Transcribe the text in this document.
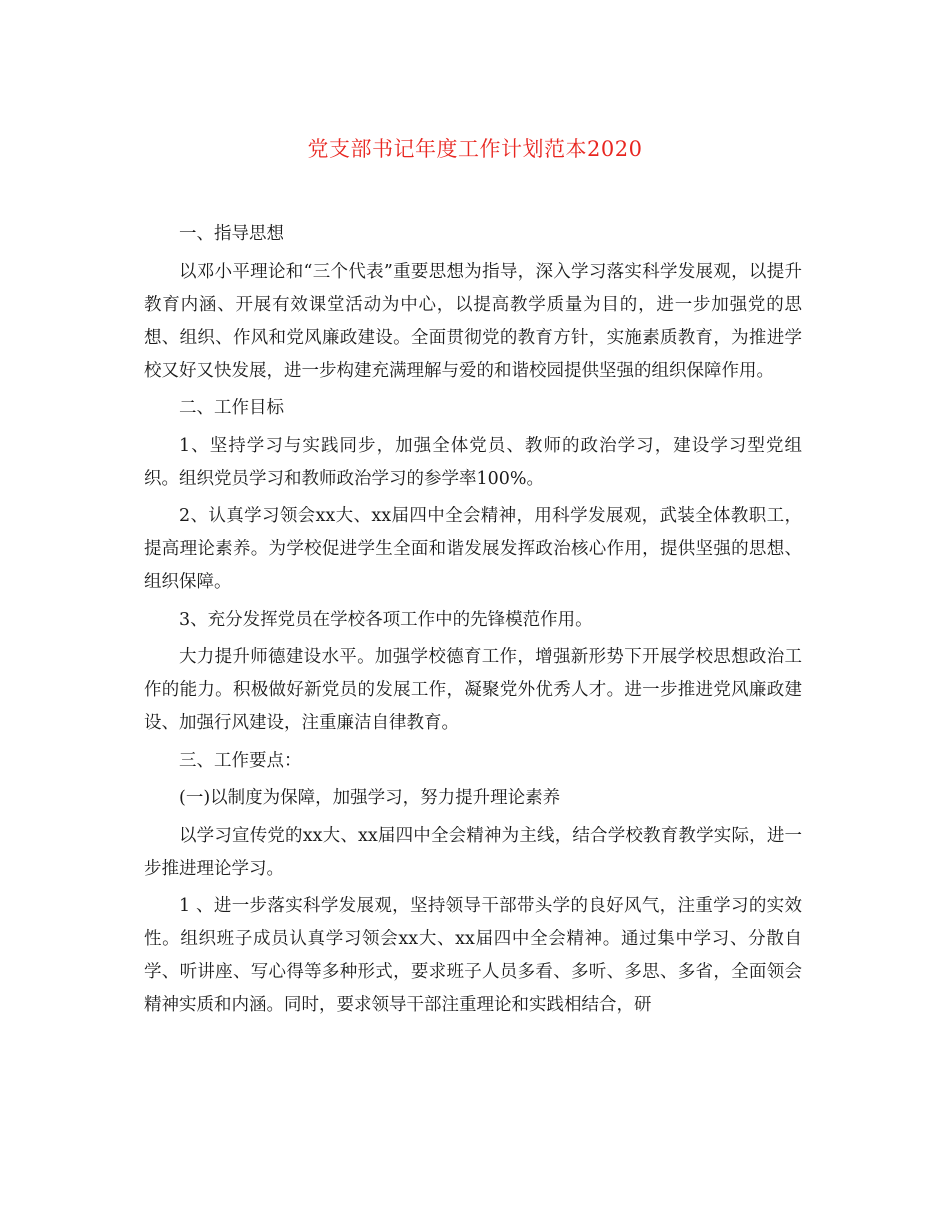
党支部书记年度工作计划范本2020

一、指导思想

以邓小平理论和“三个代表”重要思想为指导，深入学习落实科学发展观，以提升教育内涵、开展有效课堂活动为中心，以提高教学质量为目的，进一步加强党的思想、组织、作风和党风廉政建设。全面贯彻党的教育方针，实施素质教育，为推进学校又好又快发展，进一步构建充满理解与爱的和谐校园提供坚强的组织保障作用。

二、工作目标

1、坚持学习与实践同步，加强全体党员、教师的政治学习，建设学习型党组织。组织党员学习和教师政治学习的参学率100%。

2、认真学习领会xx大、xx届四中全会精神，用科学发展观，武装全体教职工，提高理论素养。为学校促进学生全面和谐发展发挥政治核心作用，提供坚强的思想、组织保障。

3、充分发挥党员在学校各项工作中的先锋模范作用。

大力提升师德建设水平。加强学校德育工作，增强新形势下开展学校思想政治工作的能力。积极做好新党员的发展工作，凝聚党外优秀人才。进一步推进党风廉政建设、加强行风建设，注重廉洁自律教育。

三、工作要点：

(一)以制度为保障，加强学习，努力提升理论素养

以学习宣传党的xx大、xx届四中全会精神为主线，结合学校教育教学实际，进一步推进理论学习。

1 、进一步落实科学发展观，坚持领导干部带头学的良好风气，注重学习的实效性。组织班子成员认真学习领会xx大、xx届四中全会精神。通过集中学习、分散自学、听讲座、写心得等多种形式，要求班子人员多看、多听、多思、多省，全面领会精神实质和内涵。同时，要求领导干部注重理论和实践相结合，研
